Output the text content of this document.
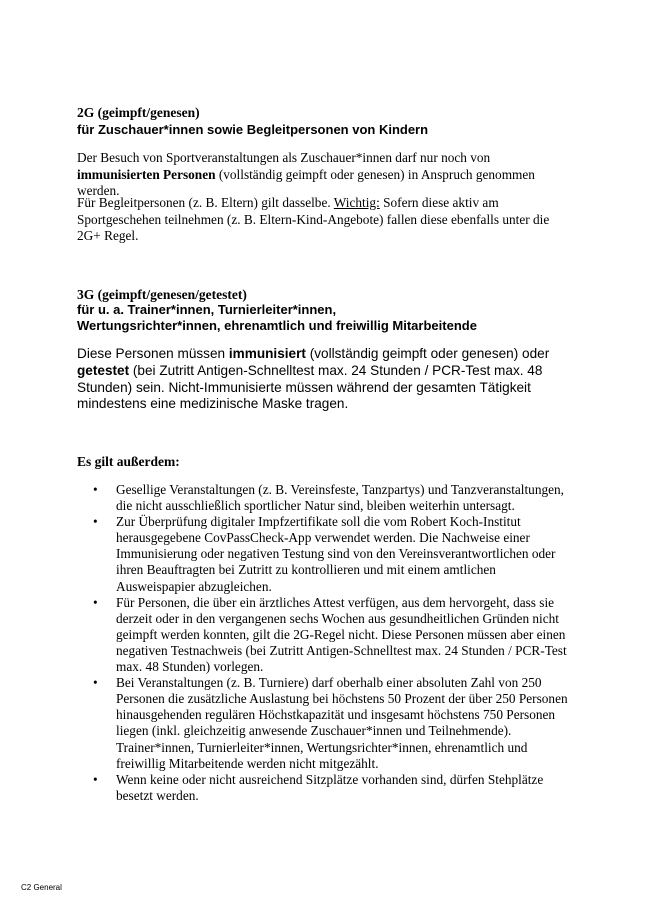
2G (geimpft/genesen)
für Zuschauer*innen sowie Begleitpersonen von Kindern

Der Besuch von Sportveranstaltungen als Zuschauer*innen darf nur noch von immunisierten Personen (vollständig geimpft oder genesen) in Anspruch genommen werden.

Für Begleitpersonen (z. B. Eltern) gilt dasselbe. Wichtig: Sofern diese aktiv am Sportgeschehen teilnehmen (z. B. Eltern-Kind-Angebote) fallen diese ebenfalls unter die 2G+ Regel.

3G (geimpft/genesen/getestet)
für u. a. Trainer*innen, Turnierleiter*innen,
Wertungsrichter*innen, ehrenamtlich und freiwillig Mitarbeitende

Diese Personen müssen immunisiert (vollständig geimpft oder genesen) oder getestet (bei Zutritt Antigen-Schnelltest max. 24 Stunden / PCR-Test max. 48 Stunden) sein. Nicht-Immunisierte müssen während der gesamten Tätigkeit mindestens eine medizinische Maske tragen.

Es gilt außerdem:
•	Gesellige Veranstaltungen (z. B. Vereinsfeste, Tanzpartys) und Tanzveranstaltungen, die nicht ausschließlich sportlicher Natur sind, bleiben weiterhin untersagt.
•	Zur Überprüfung digitaler Impfzertifikate soll die vom Robert Koch-Institut herausgegebene CovPassCheck-App verwendet werden. Die Nachweise einer Immunisierung oder negativen Testung sind von den Vereinsverantwortlichen oder ihren Beauftragten bei Zutritt zu kontrollieren und mit einem amtlichen Ausweispapier abzugleichen.
•	Für Personen, die über ein ärztliches Attest verfügen, aus dem hervorgeht, dass sie derzeit oder in den vergangenen sechs Wochen aus gesundheitlichen Gründen nicht geimpft werden konnten, gilt die 2G-Regel nicht. Diese Personen müssen aber einen negativen Testnachweis (bei Zutritt Antigen-Schnelltest max. 24 Stunden / PCR-Test max. 48 Stunden) vorlegen.
•	Bei Veranstaltungen (z. B. Turniere) darf oberhalb einer absoluten Zahl von 250 Personen die zusätzliche Auslastung bei höchstens 50 Prozent der über 250 Personen hinausgehenden regulären Höchstkapazität und insgesamt höchstens 750 Personen liegen (inkl. gleichzeitig anwesende Zuschauer*innen und Teilnehmende). Trainer*innen, Turnierleiter*innen, Wertungsrichter*innen, ehrenamtlich und freiwillig Mitarbeitende werden nicht mitgezählt.
•	Wenn keine oder nicht ausreichend Sitzplätze vorhanden sind, dürfen Stehplätze besetzt werden.
C2 General
